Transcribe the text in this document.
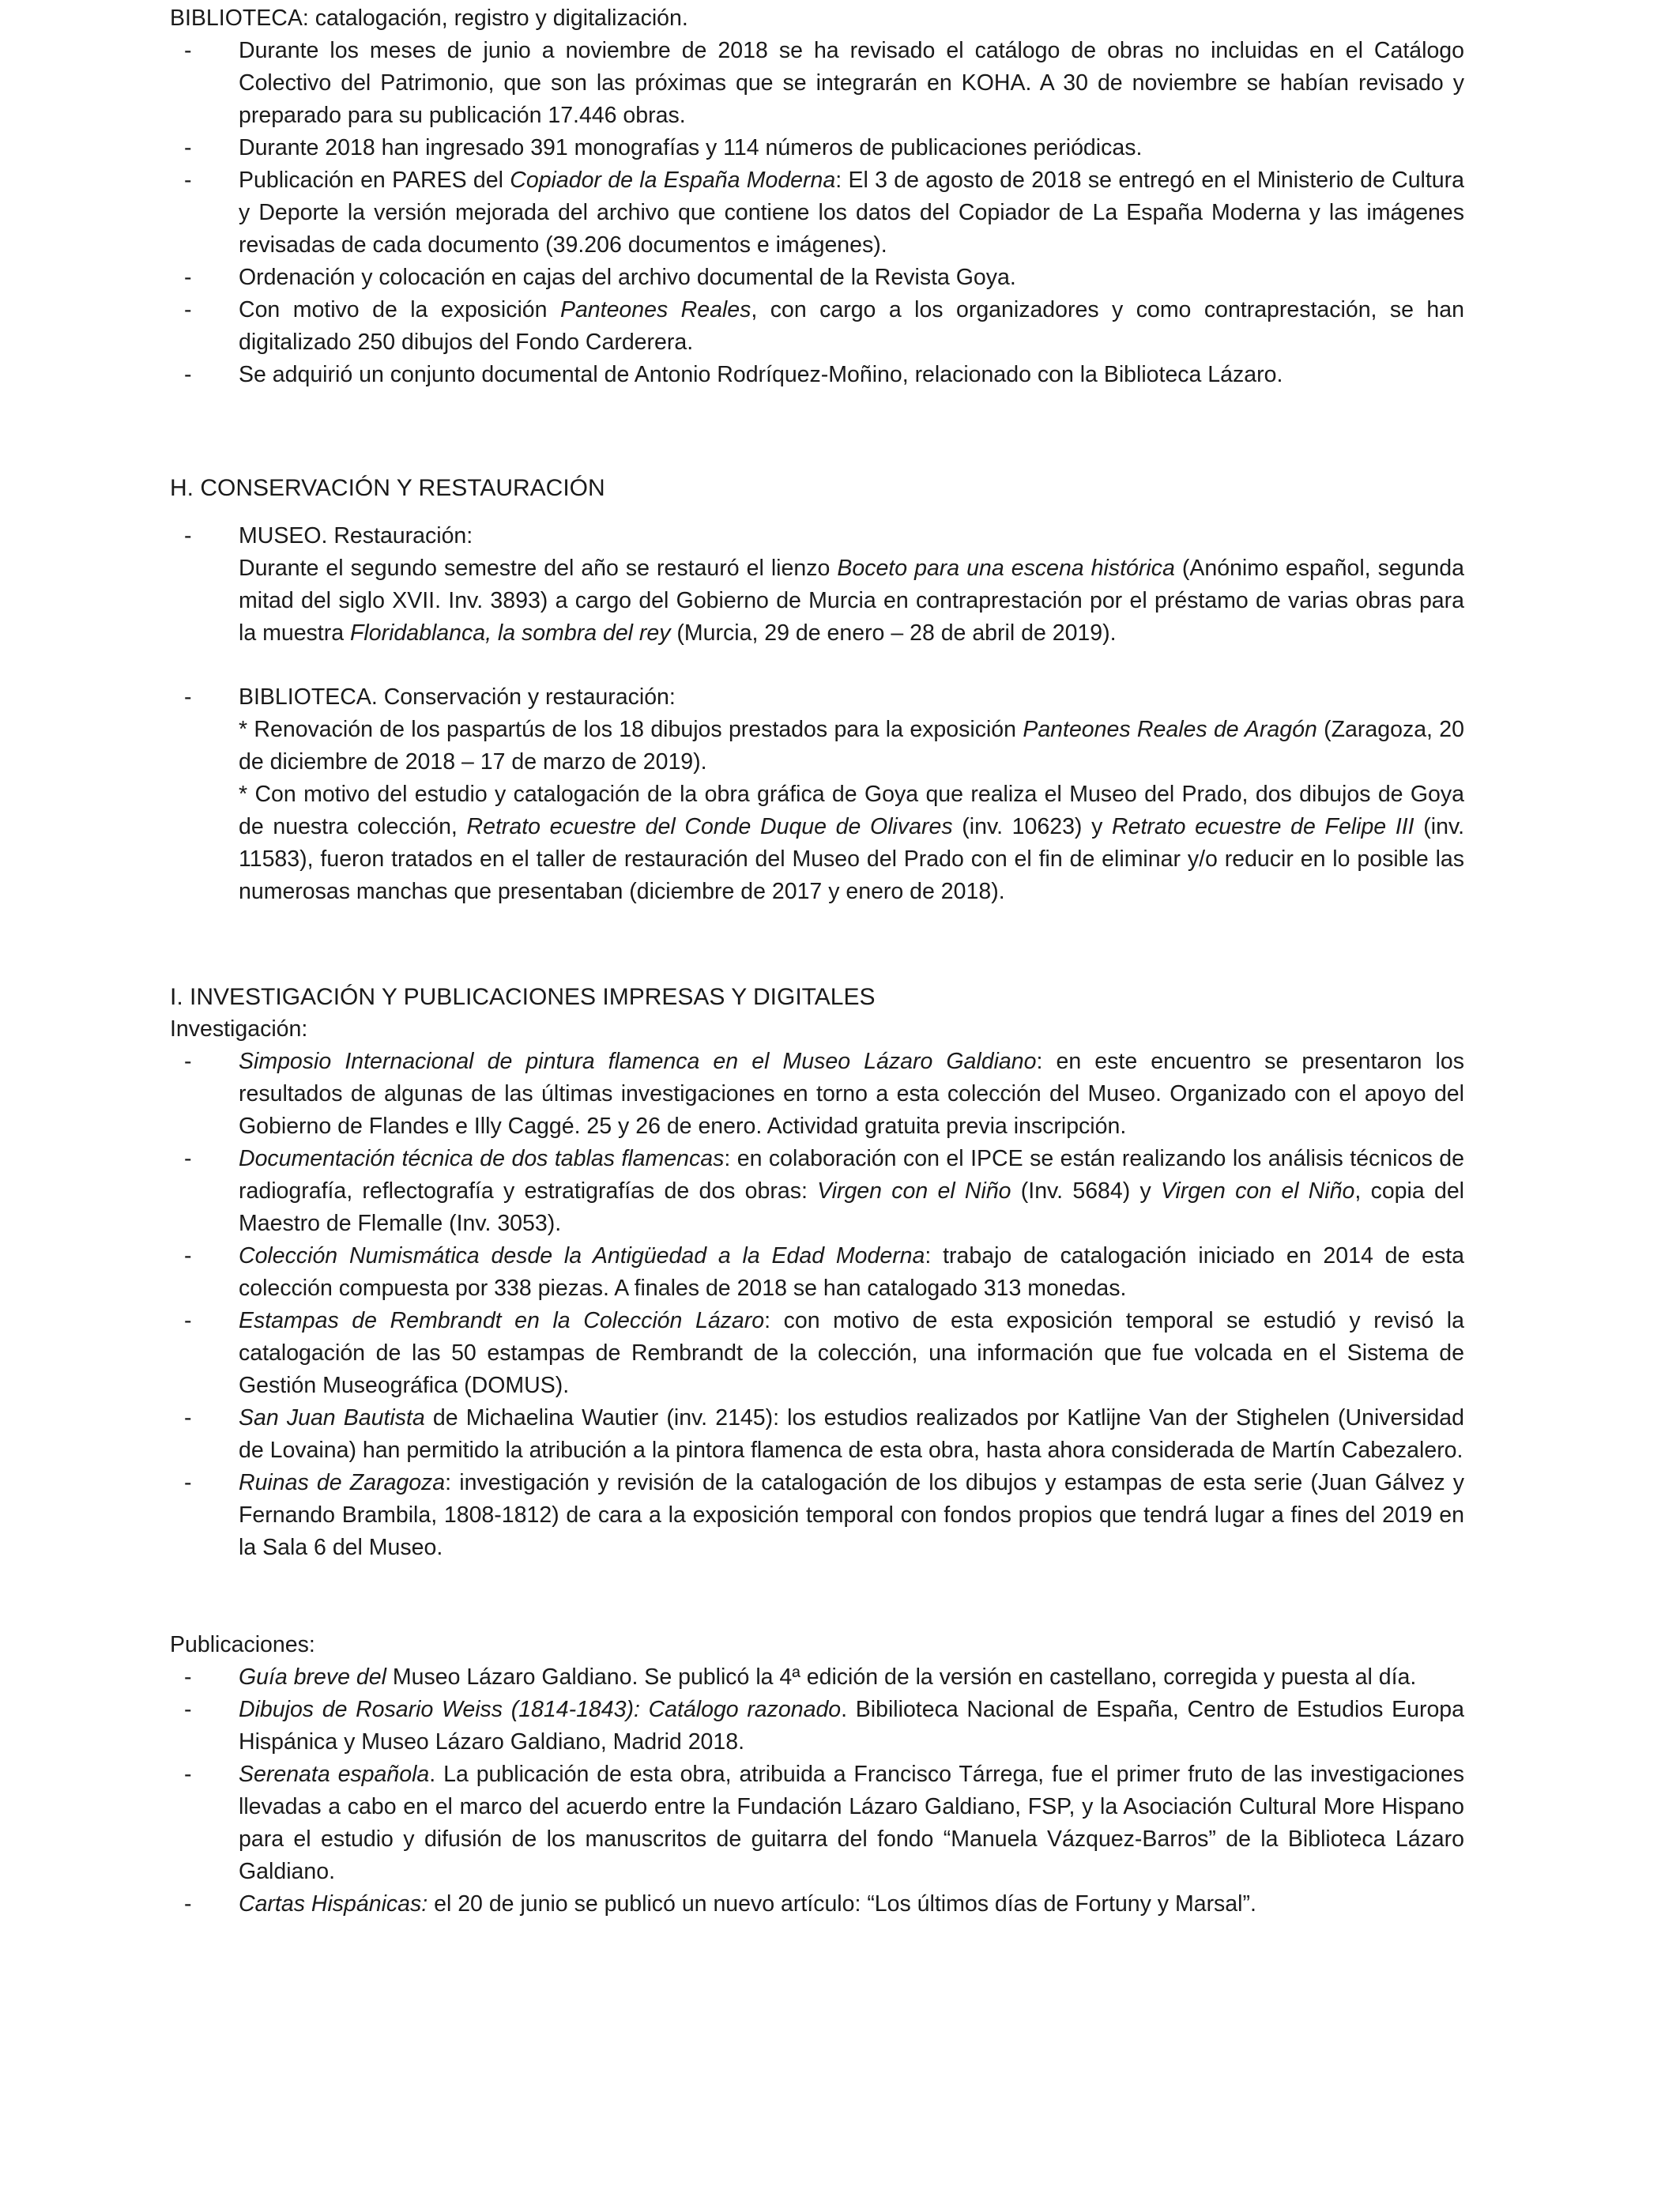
BIBLIOTECA: catalogación, registro y digitalización.
- Durante los meses de junio a noviembre de 2018 se ha revisado el catálogo de obras no incluidas en el Catálogo Colectivo del Patrimonio, que son las próximas que se integrarán en KOHA. A 30 de noviembre se habían revisado y preparado para su publicación 17.446 obras.
- Durante 2018 han ingresado 391 monografías y 114 números de publicaciones periódicas.
- Publicación en PARES del Copiador de la España Moderna: El 3 de agosto de 2018 se entregó en el Ministerio de Cultura y Deporte la versión mejorada del archivo que contiene los datos del Copiador de La España Moderna y las imágenes revisadas de cada documento (39.206 documentos e imágenes).
- Ordenación y colocación en cajas del archivo documental de la Revista Goya.
- Con motivo de la exposición Panteones Reales, con cargo a los organizadores y como contraprestación, se han digitalizado 250 dibujos del Fondo Carderera.
- Se adquirió un conjunto documental de Antonio Rodríquez-Moñino, relacionado con la Biblioteca Lázaro.
H. CONSERVACIÓN Y RESTAURACIÓN
- MUSEO. Restauración:
Durante el segundo semestre del año se restauró el lienzo Boceto para una escena histórica (Anónimo español, segunda mitad del siglo XVII. Inv. 3893) a cargo del Gobierno de Murcia en contraprestación por el préstamo de varias obras para la muestra Floridablanca, la sombra del rey (Murcia, 29 de enero – 28 de abril de 2019).
- BIBLIOTECA. Conservación y restauración:
* Renovación de los paspartús de los 18 dibujos prestados para la exposición Panteones Reales de Aragón (Zaragoza, 20 de diciembre de 2018 – 17 de marzo de 2019).
* Con motivo del estudio y catalogación de la obra gráfica de Goya que realiza el Museo del Prado, dos dibujos de Goya de nuestra colección, Retrato ecuestre del Conde Duque de Olivares (inv. 10623) y Retrato ecuestre de Felipe III (inv. 11583), fueron tratados en el taller de restauración del Museo del Prado con el fin de eliminar y/o reducir en lo posible las numerosas manchas que presentaban (diciembre de 2017 y enero de 2018).
I. INVESTIGACIÓN Y PUBLICACIONES IMPRESAS Y DIGITALES
Investigación:
- Simposio Internacional de pintura flamenca en el Museo Lázaro Galdiano: en este encuentro se presentaron los resultados de algunas de las últimas investigaciones en torno a esta colección del Museo. Organizado con el apoyo del Gobierno de Flandes e Illy Caggé. 25 y 26 de enero. Actividad gratuita previa inscripción.
- Documentación técnica de dos tablas flamencas: en colaboración con el IPCE se están realizando los análisis técnicos de radiografía, reflectografía y estratigrafías de dos obras: Virgen con el Niño (Inv. 5684) y Virgen con el Niño, copia del Maestro de Flemalle (Inv. 3053).
- Colección Numismática desde la Antigüedad a la Edad Moderna: trabajo de catalogación iniciado en 2014 de esta colección compuesta por 338 piezas. A finales de 2018 se han catalogado 313 monedas.
- Estampas de Rembrandt en la Colección Lázaro: con motivo de esta exposición temporal se estudió y revisó la catalogación de las 50 estampas de Rembrandt de la colección, una información que fue volcada en el Sistema de Gestión Museográfica (DOMUS).
- San Juan Bautista de Michaelina Wautier (inv. 2145): los estudios realizados por Katlijne Van der Stighelen (Universidad de Lovaina) han permitido la atribución a la pintora flamenca de esta obra, hasta ahora considerada de Martín Cabezalero.
- Ruinas de Zaragoza: investigación y revisión de la catalogación de los dibujos y estampas de esta serie (Juan Gálvez y Fernando Brambila, 1808-1812) de cara a la exposición temporal con fondos propios que tendrá lugar a fines del 2019 en la Sala 6 del Museo.
Publicaciones:
- Guía breve del Museo Lázaro Galdiano. Se publicó la 4ª edición de la versión en castellano, corregida y puesta al día.
- Dibujos de Rosario Weiss (1814-1843): Catálogo razonado. Bibilioteca Nacional de España, Centro de Estudios Europa Hispánica y Museo Lázaro Galdiano, Madrid 2018.
- Serenata española. La publicación de esta obra, atribuida a Francisco Tárrega, fue el primer fruto de las investigaciones llevadas a cabo en el marco del acuerdo entre la Fundación Lázaro Galdiano, FSP, y la Asociación Cultural More Hispano para el estudio y difusión de los manuscritos de guitarra del fondo “Manuela Vázquez-Barros” de la Biblioteca Lázaro Galdiano.
- Cartas Hispánicas: el 20 de junio se publicó un nuevo artículo: “Los últimos días de Fortuny y Marsal”.
